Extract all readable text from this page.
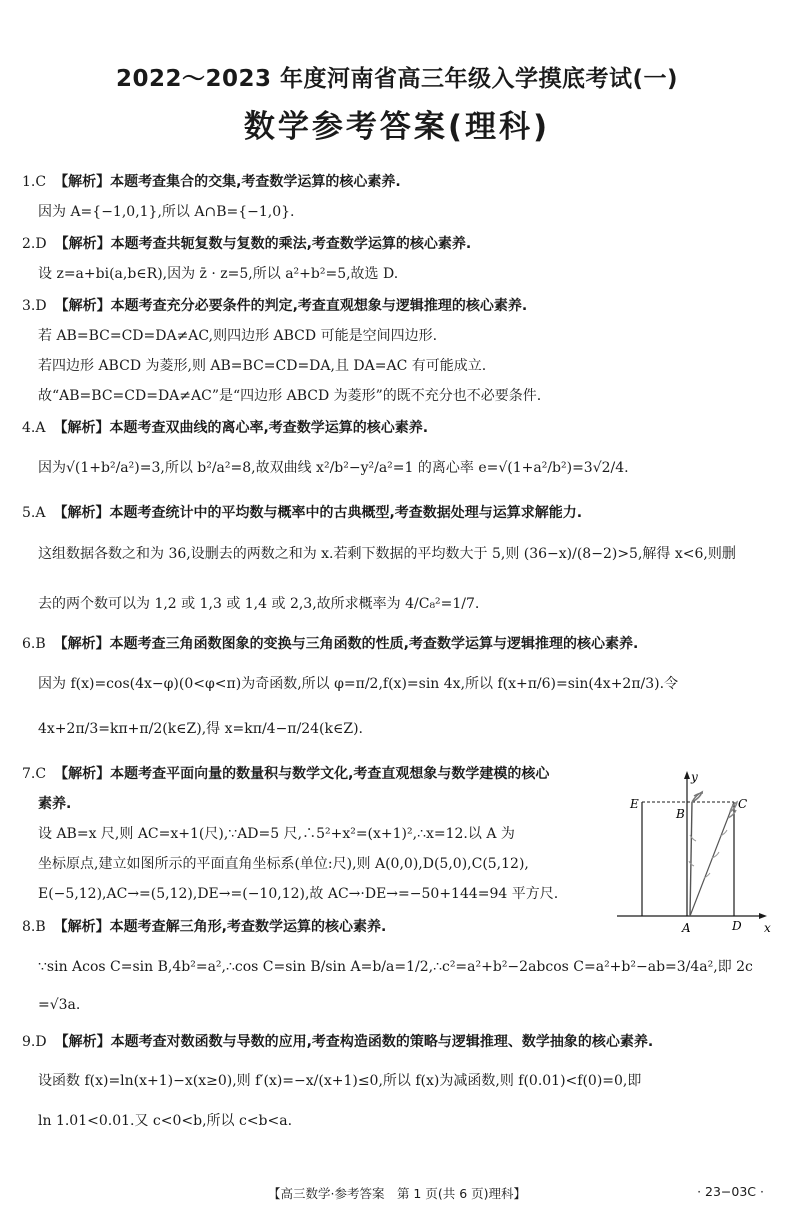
2022～2023 年度河南省高三年级入学摸底考试(一)
数学参考答案(理科)
1.C 【解析】本题考查集合的交集,考查数学运算的核心素养.
因为 A={−1,0,1},所以 A∩B={−1,0}.
2.D 【解析】本题考查共轭复数与复数的乘法,考查数学运算的核心素养.
设 z=a+bi(a,b∈R),因为 z̄ · z=5,所以 a²+b²=5,故选 D.
3.D 【解析】本题考查充分必要条件的判定,考查直观想象与逻辑推理的核心素养.
若 AB=BC=CD=DA≠AC,则四边形 ABCD 可能是空间四边形.
若四边形 ABCD 为菱形,则 AB=BC=CD=DA,且 DA=AC 有可能成立.
故“AB=BC=CD=DA≠AC”是“四边形 ABCD 为菱形”的既不充分也不必要条件.
4.A 【解析】本题考查双曲线的离心率,考查数学运算的核心素养.
因为√(1+b²/a²)=3,所以 b²/a²=8,故双曲线 x²/b²−y²/a²=1 的离心率 e=√(1+a²/b²)=3√2/4.
5.A 【解析】本题考查统计中的平均数与概率中的古典概型,考查数据处理与运算求解能力.
这组数据各数之和为 36,设删去的两数之和为 x.若剩下数据的平均数大于 5,则 (36−x)/(8−2)>5,解得 x<6,则删
去的两个数可以为 1,2 或 1,3 或 1,4 或 2,3,故所求概率为 4/C₈²=1/7.
6.B 【解析】本题考查三角函数图象的变换与三角函数的性质,考查数学运算与逻辑推理的核心素养.
因为 f(x)=cos(4x−φ)(0<φ<π)为奇函数,所以 φ=π/2,f(x)=sin 4x,所以 f(x+π/6)=sin(4x+2π/3).令
4x+2π/3=kπ+π/2(k∈Z),得 x=kπ/4−π/24(k∈Z).
7.C 【解析】本题考查平面向量的数量积与数学文化,考查直观想象与数学建模的核心
素养.
设 AB=x 尺,则 AC=x+1(尺),∵AD=5 尺,∴5²+x²=(x+1)²,∴x=12.以 A 为
坐标原点,建立如图所示的平面直角坐标系(单位:尺),则 A(0,0),D(5,0),C(5,12),
E(−5,12),AC→=(5,12),DE→=(−10,12),故 AC→·DE→=−50+144=94 平方尺.
8.B 【解析】本题考查解三角形,考查数学运算的核心素养.
∵sin Acos C=sin B,4b²=a²,∴cos C=sin B/sin A=b/a=1/2,∴c²=a²+b²−2abcos C=a²+b²−ab=3/4a²,即 2c
=√3a.
9.D 【解析】本题考查对数函数与导数的应用,考查构造函数的策略与逻辑推理、数学抽象的核心素养.
设函数 f(x)=ln(x+1)−x(x≥0),则 f′(x)=−x/(x+1)≤0,所以 f(x)为减函数,则 f(0.01)<f(0)=0,即
ln 1.01<0.01.又 c<0<b,所以 c<b<a.
y
x
E
B
C
A	D
【高三数学·参考答案　第 1 页(共 6 页)理科】	· 23−03C ·
